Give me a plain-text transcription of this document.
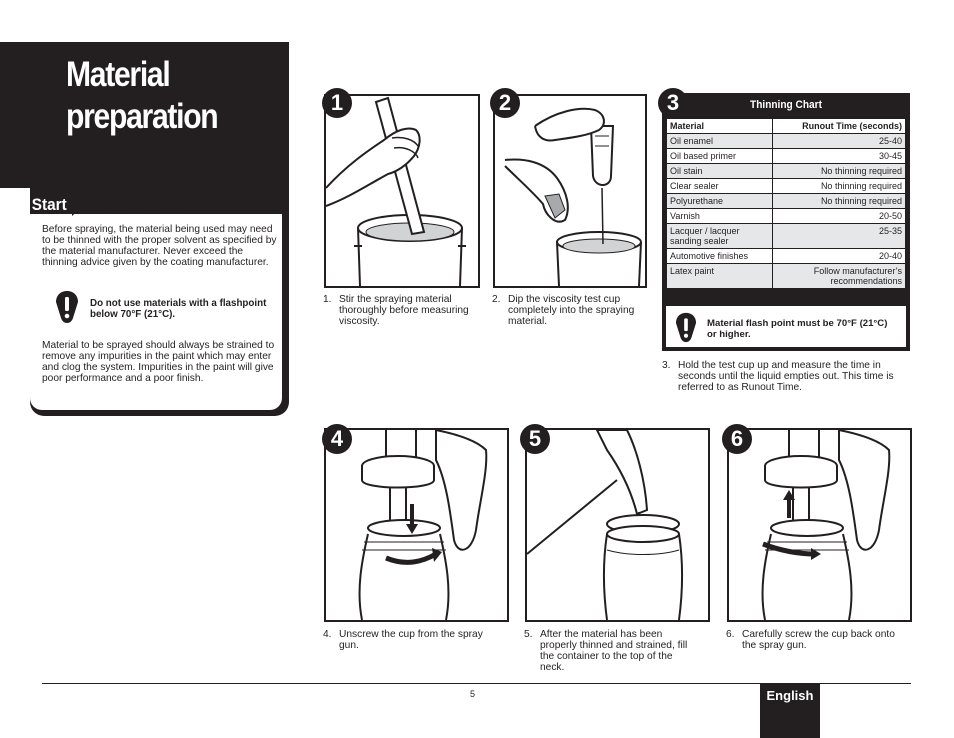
Material
preparation
Start	Before you begin:
Before spraying, the material being used may need to be thinned with the proper solvent as specified by the material manufacturer. Never exceed the thinning advice given by the coating manufacturer.
Do not use materials with a flashpoint below 70°F (21°C).
Material to be sprayed should always be strained to remove any impurities in the paint which may enter and clog the system. Impurities in the paint will give poor performance and a poor finish.
1
1. Stir the spraying material thoroughly before measuring viscosity.
2
2. Dip the viscosity test cup completely into the spraying material.
3	Thinning Chart
Material	Runout Time (seconds)
Oil enamel	25-40
Oil based primer	30-45
Oil stain	No thinning required
Clear sealer	No thinning required
Polyurethane	No thinning required
Varnish	20-50
Lacquer / lacquer sanding sealer	25-35
Automotive finishes	20-40
Latex paint	Follow manufacturer’s recommendations
Material flash point must be 70°F (21°C) or higher.
3. Hold the test cup up and measure the time in seconds until the liquid empties out. This time is referred to as Runout Time.
4
4. Unscrew the cup from the spray gun.
5
5. After the material has been properly thinned and strained, fill the container to the top of the neck.
6
6. Carefully screw the cup back onto the spray gun.
5	English
